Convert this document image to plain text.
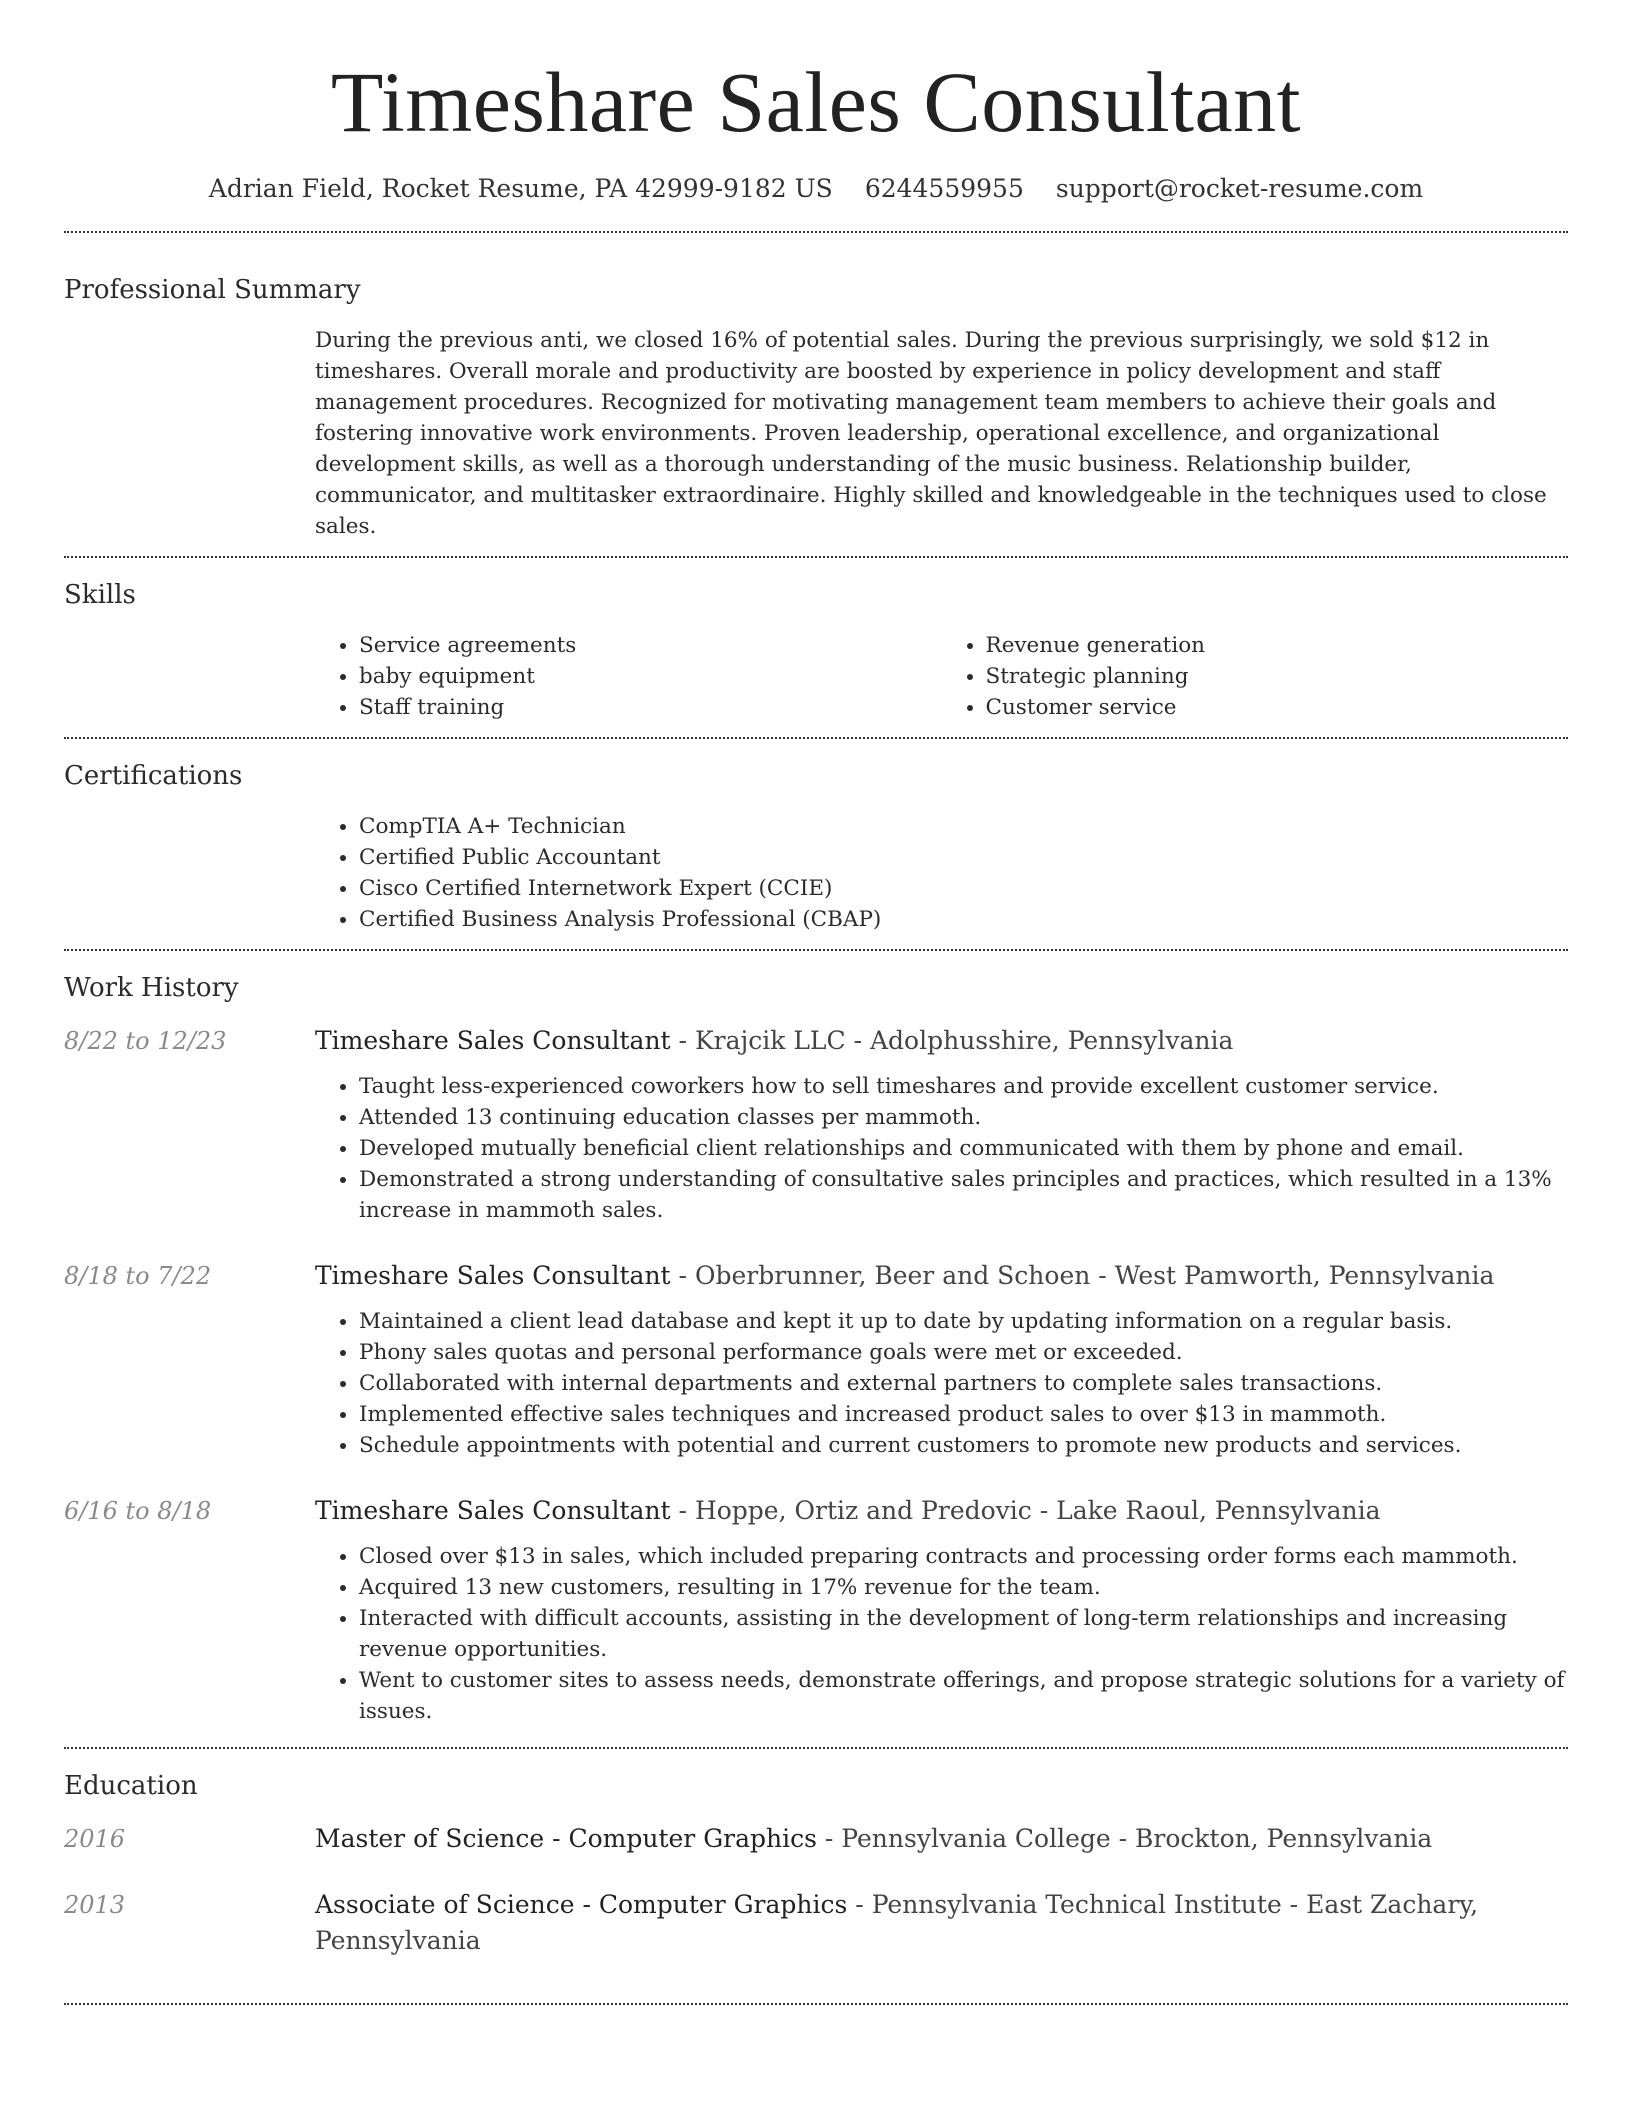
Timeshare Sales Consultant
Adrian Field, Rocket Resume, PA 42999-9182 US 6244559955 support@rocket-resume.com
Professional Summary
During the previous anti, we closed 16% of potential sales. During the previous surprisingly, we sold $12 in timeshares. Overall morale and productivity are boosted by experience in policy development and staff management procedures. Recognized for motivating management team members to achieve their goals and fostering innovative work environments. Proven leadership, operational excellence, and organizational development skills, as well as a thorough understanding of the music business. Relationship builder, communicator, and multitasker extraordinaire. Highly skilled and knowledgeable in the techniques used to close sales.
Skills
• Service agreements
• baby equipment
• Staff training
• Revenue generation
• Strategic planning
• Customer service
Certifications
• CompTIA A+ Technician
• Certified Public Accountant
• Cisco Certified Internetwork Expert (CCIE)
• Certified Business Analysis Professional (CBAP)
Work History
8/22 to 12/23	Timeshare Sales Consultant - Krajcik LLC - Adolphusshire, Pennsylvania
• Taught less-experienced coworkers how to sell timeshares and provide excellent customer service.
• Attended 13 continuing education classes per mammoth.
• Developed mutually beneficial client relationships and communicated with them by phone and email.
• Demonstrated a strong understanding of consultative sales principles and practices, which resulted in a 13% increase in mammoth sales.
8/18 to 7/22	Timeshare Sales Consultant - Oberbrunner, Beer and Schoen - West Pamworth, Pennsylvania
• Maintained a client lead database and kept it up to date by updating information on a regular basis.
• Phony sales quotas and personal performance goals were met or exceeded.
• Collaborated with internal departments and external partners to complete sales transactions.
• Implemented effective sales techniques and increased product sales to over $13 in mammoth.
• Schedule appointments with potential and current customers to promote new products and services.
6/16 to 8/18	Timeshare Sales Consultant - Hoppe, Ortiz and Predovic - Lake Raoul, Pennsylvania
• Closed over $13 in sales, which included preparing contracts and processing order forms each mammoth.
• Acquired 13 new customers, resulting in 17% revenue for the team.
• Interacted with difficult accounts, assisting in the development of long-term relationships and increasing revenue opportunities.
• Went to customer sites to assess needs, demonstrate offerings, and propose strategic solutions for a variety of issues.
Education
2016	Master of Science - Computer Graphics - Pennsylvania College - Brockton, Pennsylvania
2013	Associate of Science - Computer Graphics - Pennsylvania Technical Institute - East Zachary, Pennsylvania
